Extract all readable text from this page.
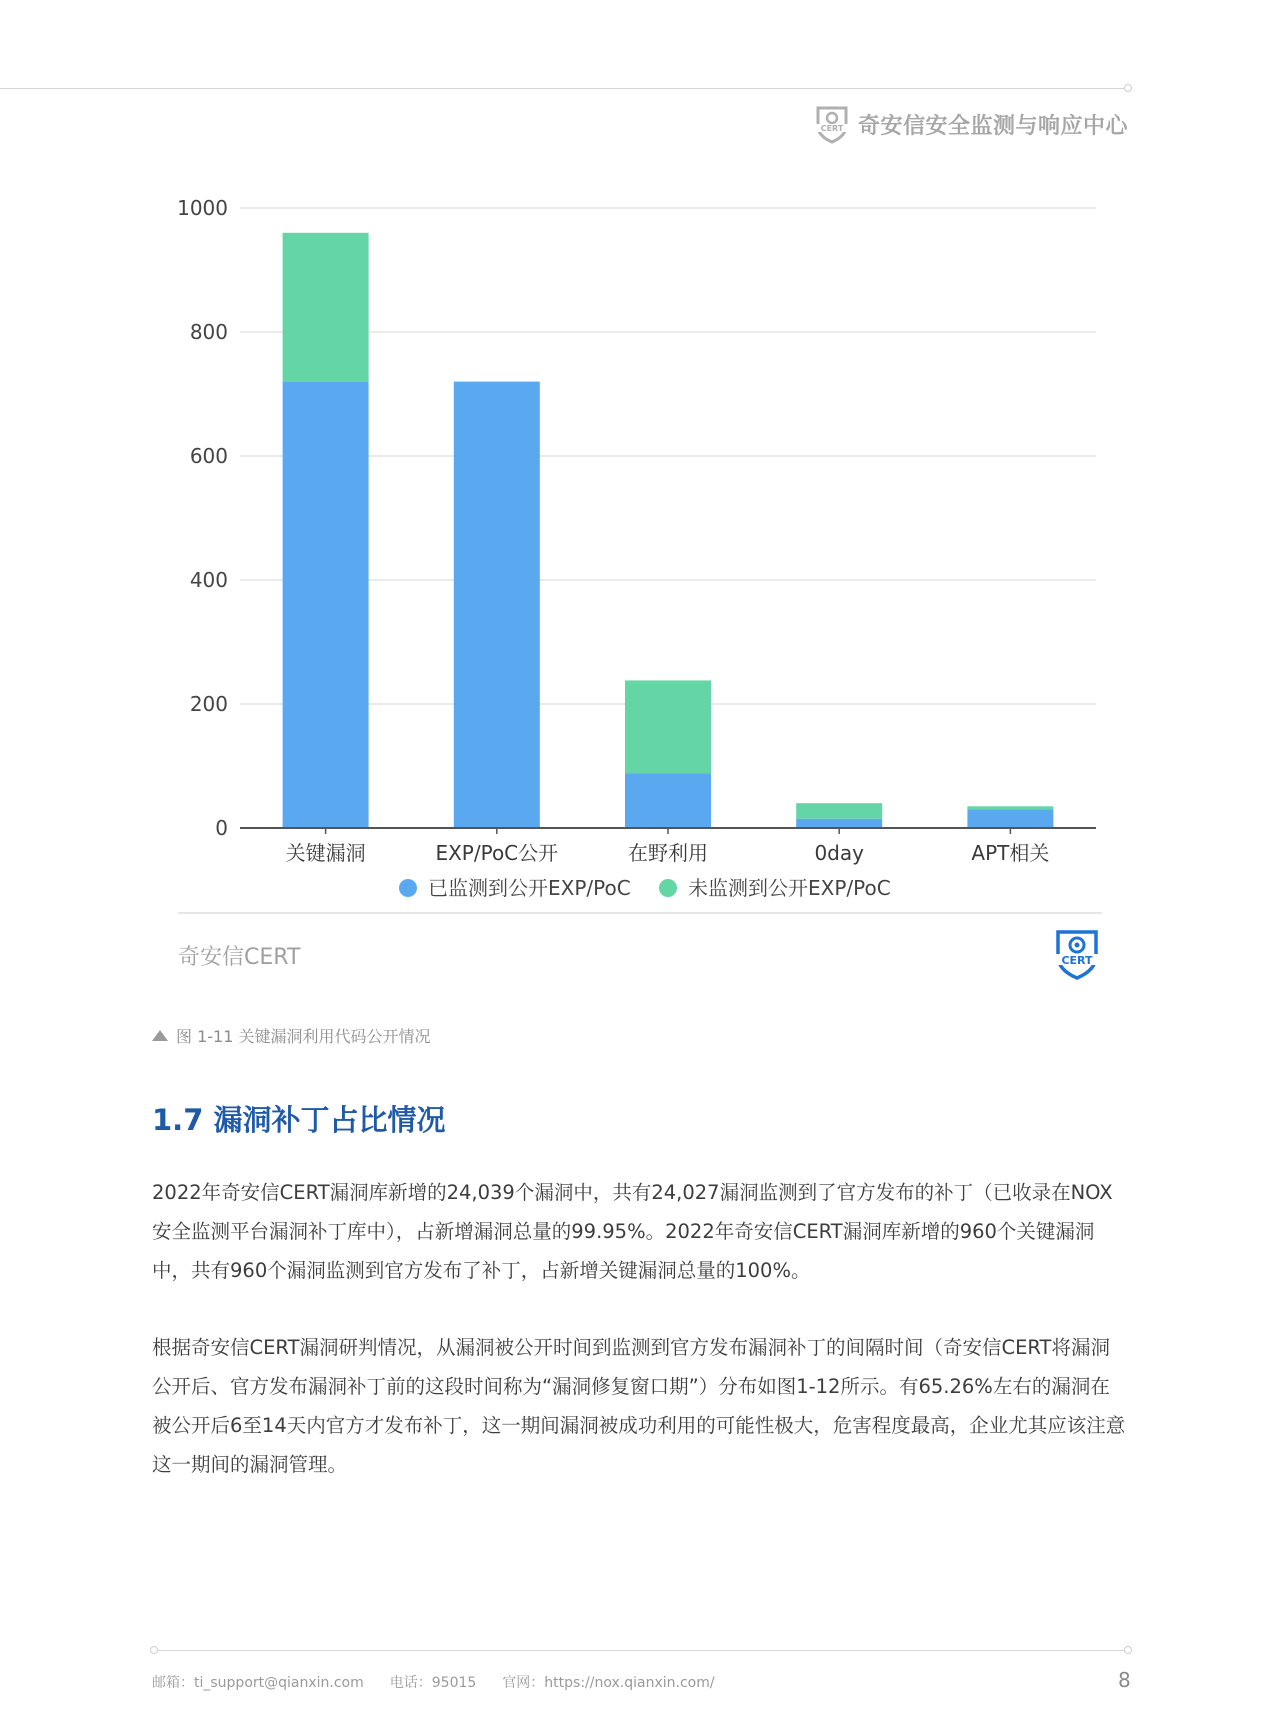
CERT 奇安信安全监测与响应中心
0
200
400
600
800
1000
关键漏洞	EXP/PoC公开	在野利用	0day	APT相关
已监测到公开EXP/PoC	未监测到公开EXP/PoC
奇安信CERT	CERT
图 1-11 关键漏洞利用代码公开情况
1.7 漏洞补丁占比情况
2022年奇安信CERT漏洞库新增的24,039个漏洞中，共有24,027漏洞监测到了官方发布的补丁（已收录在NOX安全监测平台漏洞补丁库中），占新增漏洞总量的99.95%。2022年奇安信CERT漏洞库新增的960个关键漏洞中，共有960个漏洞监测到官方发布了补丁，占新增关键漏洞总量的100%。
根据奇安信CERT漏洞研判情况，从漏洞被公开时间到监测到官方发布漏洞补丁的间隔时间（奇安信CERT将漏洞公开后、官方发布漏洞补丁前的这段时间称为“漏洞修复窗口期”）分布如图1-12所示。有65.26%左右的漏洞在被公开后6至14天内官方才发布补丁，这一期间漏洞被成功利用的可能性极大，危害程度最高，企业尤其应该注意这一期间的漏洞管理。
邮箱：ti_support@qianxin.com 电话：95015 官网：https://nox.qianxin.com/	8
